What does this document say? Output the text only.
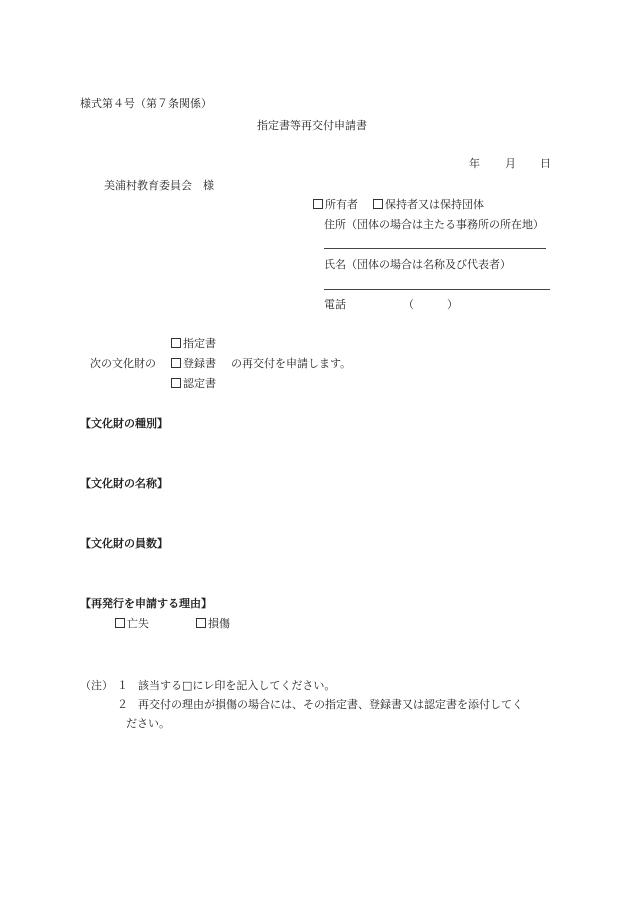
様式第４号（第７条関係）
指定書等再交付申請書
年 月 日
美浦村教育委員会　様
所有者 保持者又は保持団体
住所（団体の場合は主たる事務所の所在地）
氏名（団体の場合は名称及び代表者）
電話	（　　　）
指定書
次の文化財の	登録書 の再交付を申請します。
認定書
【文化財の種別】
【文化財の名称】
【文化財の員数】
【再発行を申請する理由】
亡失	損傷
（注） １ 該当する□にレ印を記入してください。
２ 再交付の理由が損傷の場合には、その指定書、登録書又は認定書を添付してく
ださい。
